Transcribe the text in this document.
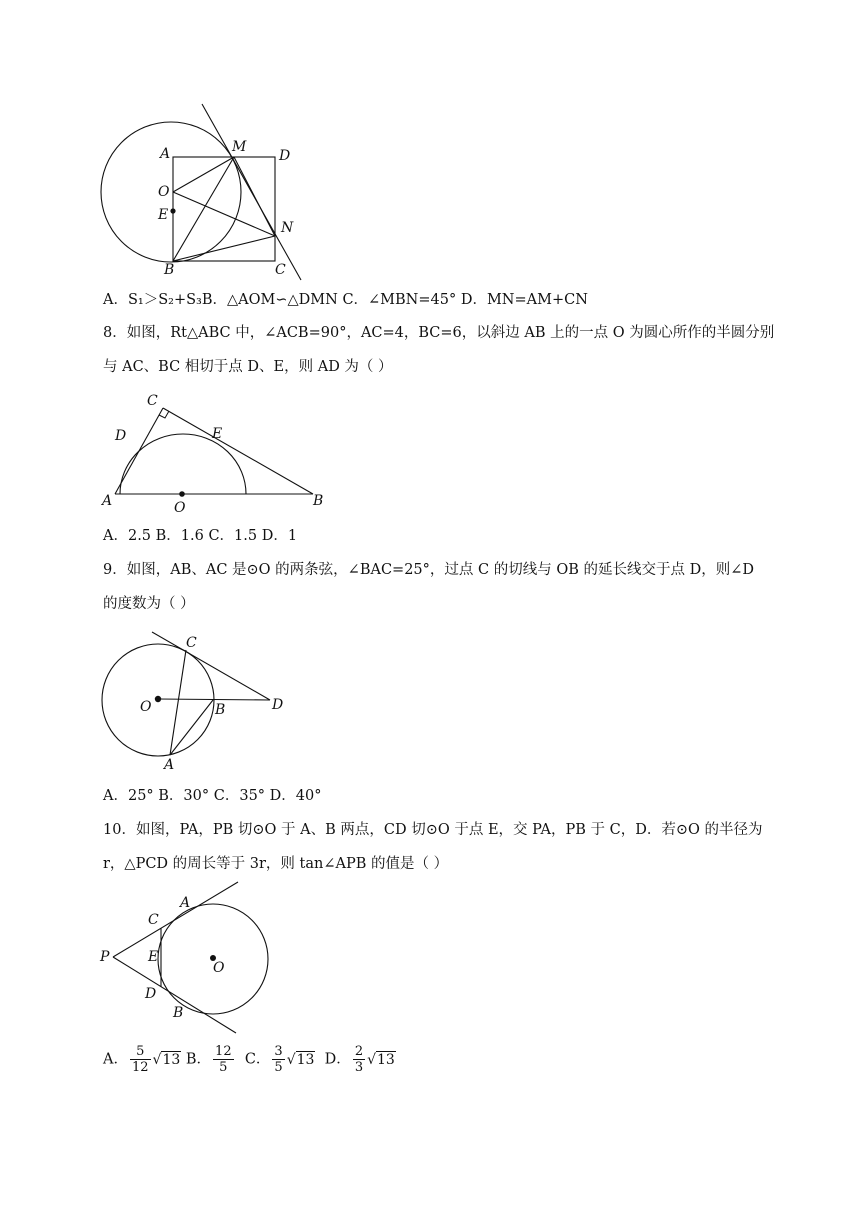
A	M
D
O
E
N
B	C
A．S₁＞S₂+S₃B．△AOM∽△DMN C．∠MBN=45° D．MN=AM+CN
8．如图，Rt△ABC 中，∠ACB=90°，AC=4，BC=6，以斜边 AB 上的一点 O 为圆心所作的半圆分别
与 AC、BC 相切于点 D、E，则 AD 为（ ）
C
E
D
A	O	B
A．2.5 B．1.6 C．1.5 D．1
9．如图，AB、AC 是⊙O 的两条弦，∠BAC=25°，过点 C 的切线与 OB 的延长线交于点 D，则∠D
的度数为（ ）
C
O	B	D
A
A．25° B．30° C．35° D．40°
10．如图，PA，PB 切⊙O 于 A、B 两点，CD 切⊙O 于点 E，交 PA，PB 于 C，D．若⊙O 的半径为
r，△PCD 的周长等于 3r，则 tan∠APB 的值是（ ）
C
A
P	E
O
D
B
A． $\frac{5}{12} √13$ B． $\frac{12}{5}$ C． $\frac{3}{5} √13$ D． $\frac{2}{3} √13$
